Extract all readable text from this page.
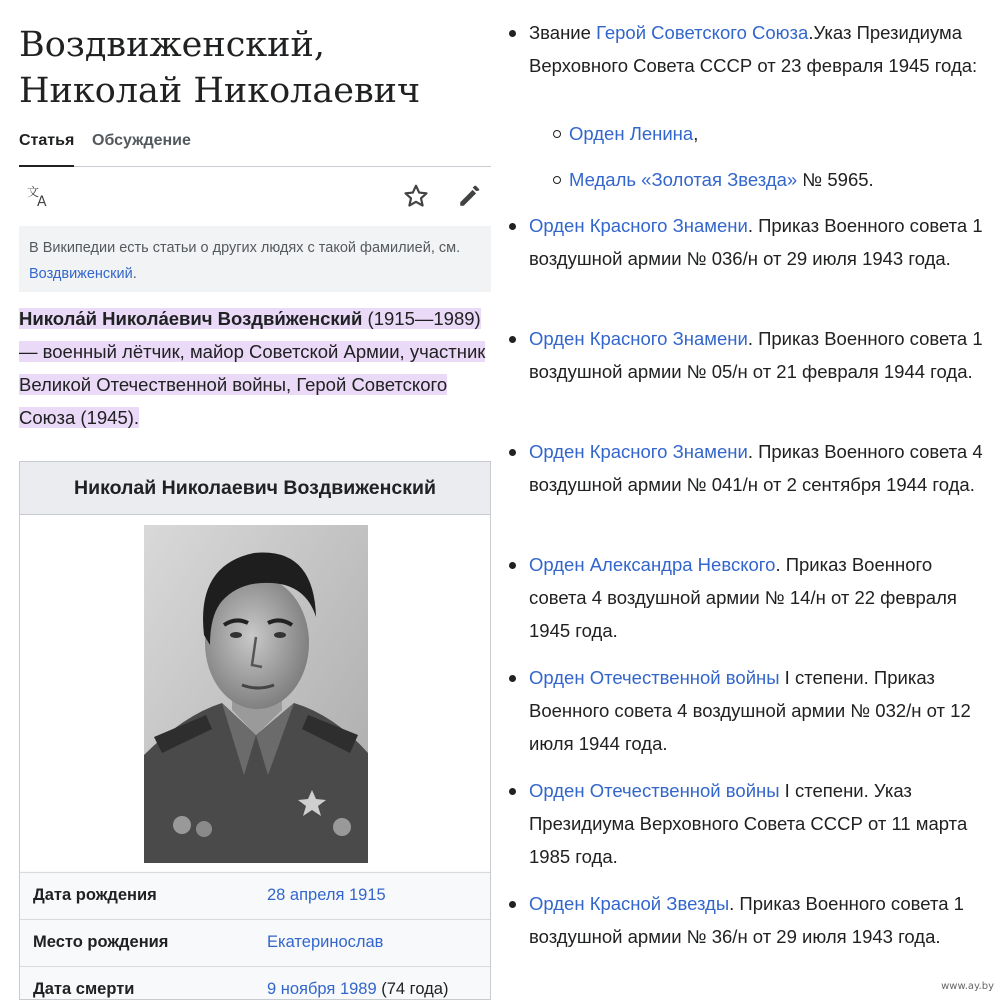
Воздвиженский, Николай Николаевич
Статья Обсуждение
文
A
В Википедии есть статьи о других людях с такой фамилией, см. Воздвиженский.
Никола́й Никола́евич Воздви́женский (1915—1989) — военный лётчик, майор Советской Армии, участник Великой Отечественной войны, Герой Советского Союза (1945).
Николай Николаевич Воздвиженский
Дата рождения	28 апреля 1915
Место рождения	Екатеринослав
Дата смерти	9 ноября 1989 (74 года)
Звание Герой Советского Союза.Указ Президиума Верховного Совета СССР от 23 февраля 1945 года:
Орден Ленина,
Медаль «Золотая Звезда» № 5965.
Орден Красного Знамени. Приказ Военного совета 1 воздушной армии № 036/н от 29 июля 1943 года.
Орден Красного Знамени. Приказ Военного совета 1 воздушной армии № 05/н от 21 февраля 1944 года.
Орден Красного Знамени. Приказ Военного совета 4 воздушной армии № 041/н от 2 сентября 1944 года.
Орден Александра Невского. Приказ Военного совета 4 воздушной армии № 14/н от 22 февраля 1945 года.
Орден Отечественной войны I степени. Приказ Военного совета 4 воздушной армии № 032/н от 12 июля 1944 года.
Орден Отечественной войны I степени. Указ Президиума Верховного Совета СССР от 11 марта 1985 года.
Орден Красной Звезды. Приказ Военного совета 1 воздушной армии № 36/н от 29 июля 1943 года.
www.ay.by
